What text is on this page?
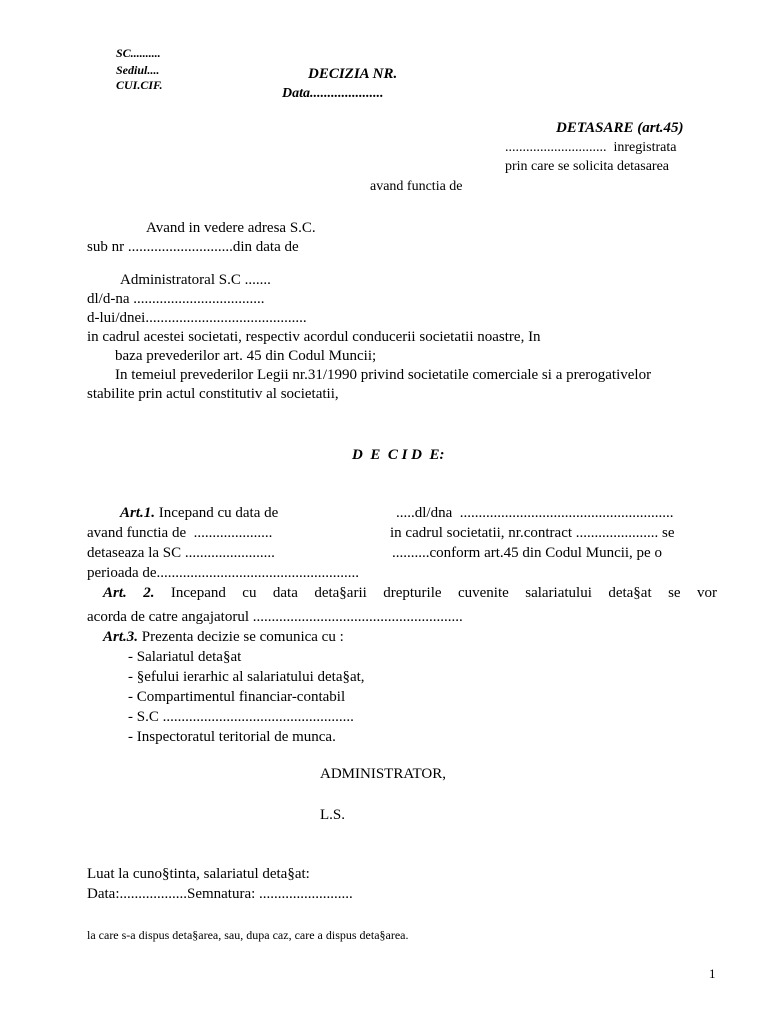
SC..........
Sediul....
CUI.CIF.
DECIZIA NR.
Data.....................
DETASARE (art.45)
.............................  inregistrata
prin care se solicita detasarea
avand functia de
Avand in vedere adresa S.C.
sub nr ............................din data de
Administratoral S.C .......
dl/d-na ...................................
d-lui/dnei...........................................
in cadrul acestei societati, respectiv acordul conducerii societatii noastre, In
baza prevederilor art. 45 din Codul Muncii;
In temeiul prevederilor Legii nr.31/1990 privind societatile comerciale si a prerogativelor
stabilite prin actul constitutiv al societatii,
D  E  C I D  E:
Art.1. Incepand cu data de	.....dl/dna  .........................................................
avand functia de  .....................	in cadrul societatii, nr.contract ...................... se
detaseaza la SC ........................	..........conform art.45 din Codul Muncii, pe o
perioada de......................................................
Art. 2. Incepand cu data deta§arii drepturile cuvenite salariatului deta§at se vor
acorda de catre angajatorul ........................................................
Art.3. Prezenta decizie se comunica cu :
- Salariatul deta§at
- §efului ierarhic al salariatului deta§at,
- Compartimentul financiar-contabil
- S.C ...................................................
- Inspectoratul teritorial de munca.
ADMINISTRATOR,
L.S.
Luat la cuno§tinta, salariatul deta§at:
Data:..................Semnatura: .........................
la care s-a dispus deta§area, sau, dupa caz, care a dispus deta§area.
1
